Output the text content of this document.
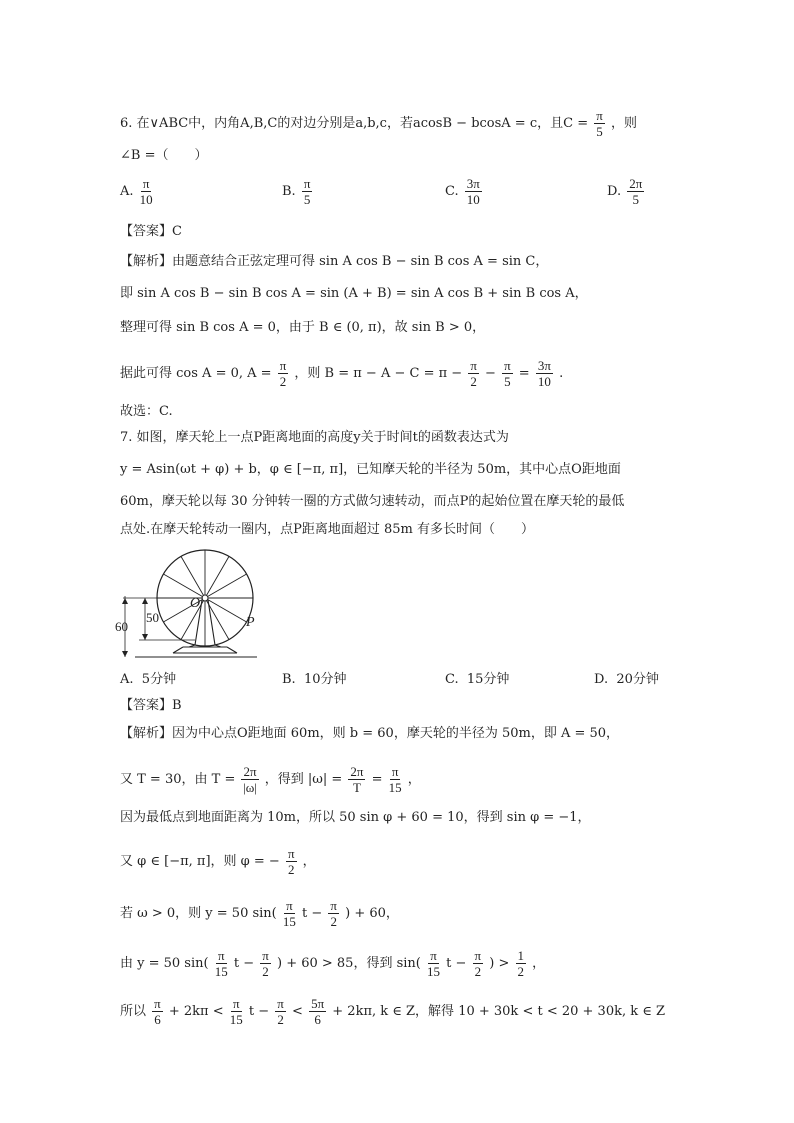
6. 在∨ABC中，内角A,B,C的对边分别是a,b,c，若acosB − bcosA = c，且$C = \frac{\pi}{5}$ ，则
∠B =（　　）
A. $\frac{\pi}{10}$	B. $\frac{\pi}{5}$	C. $\frac{3\pi}{10}$	D. $\frac{2\pi}{5}$
【答案】C
【解析】由题意结合正弦定理可得 sin A cos B − sin B cos A = sin C，
即 sin A cos B − sin B cos A = sin (A + B) = sin A cos B + sin B cos A，
整理可得 sin B cos A = 0，由于 B ∈ (0, π)，故 sin B > 0，
据此可得 cos A = 0, $A = \frac{\pi}{2}$ ，则 $B = \pi - A - C = \pi - \frac{\pi}{2} - \frac{\pi}{5} = \frac{3\pi}{10}$ .
故选：C.
7. 如图，摩天轮上一点P距离地面的高度y关于时间t的函数表达式为
y = Asin(ωt + φ) + b，φ ∈ [−π, π]，已知摩天轮的半径为 50m，其中心点O距地面
60m，摩天轮以每 30 分钟转一圈的方式做匀速转动，而点P的起始位置在摩天轮的最低
点处.在摩天轮转动一圈内，点P距离地面超过 85m 有多长时间（　　）
60
50
O
P
A. 5分钟	B. 10分钟	C. 15分钟	D. 20分钟
【答案】B
【解析】因为中心点O距地面 60m，则 b = 60，摩天轮的半径为 50m，即 A = 50，
又 T = 30，由 $T = \frac{2\pi}{|\omega|}$ ，得到 $|\omega| = \frac{2\pi}{T} = \frac{\pi}{15}$ ，
因为最低点到地面距离为 10m，所以 50 sin φ + 60 = 10，得到 sin φ = −1，
又 φ ∈ [−π, π]，则 φ = − $\frac{\pi}{2}$ ，
若 ω > 0，则 y = 50 $\sin( \frac{\pi}{15}$ $t - \frac{\pi}{2}$ ) + 60，
由 y = 50 $\sin( \frac{\pi}{15}$ $t - \frac{\pi}{2}$ ) + 60 > 85，得到 $\sin( \frac{\pi}{15}$ $t - \frac{\pi}{2}$ ) > $\frac{1}{2}$ ，
所以 $\frac{\pi}{6} + 2k\pi < \frac{\pi}{15}$ $t - \frac{\pi}{2} < \frac{5\pi}{6} + 2k\pi$, k ∈ Z，解得 10 + 30k < t < 20 + 30k, k ∈ Z
